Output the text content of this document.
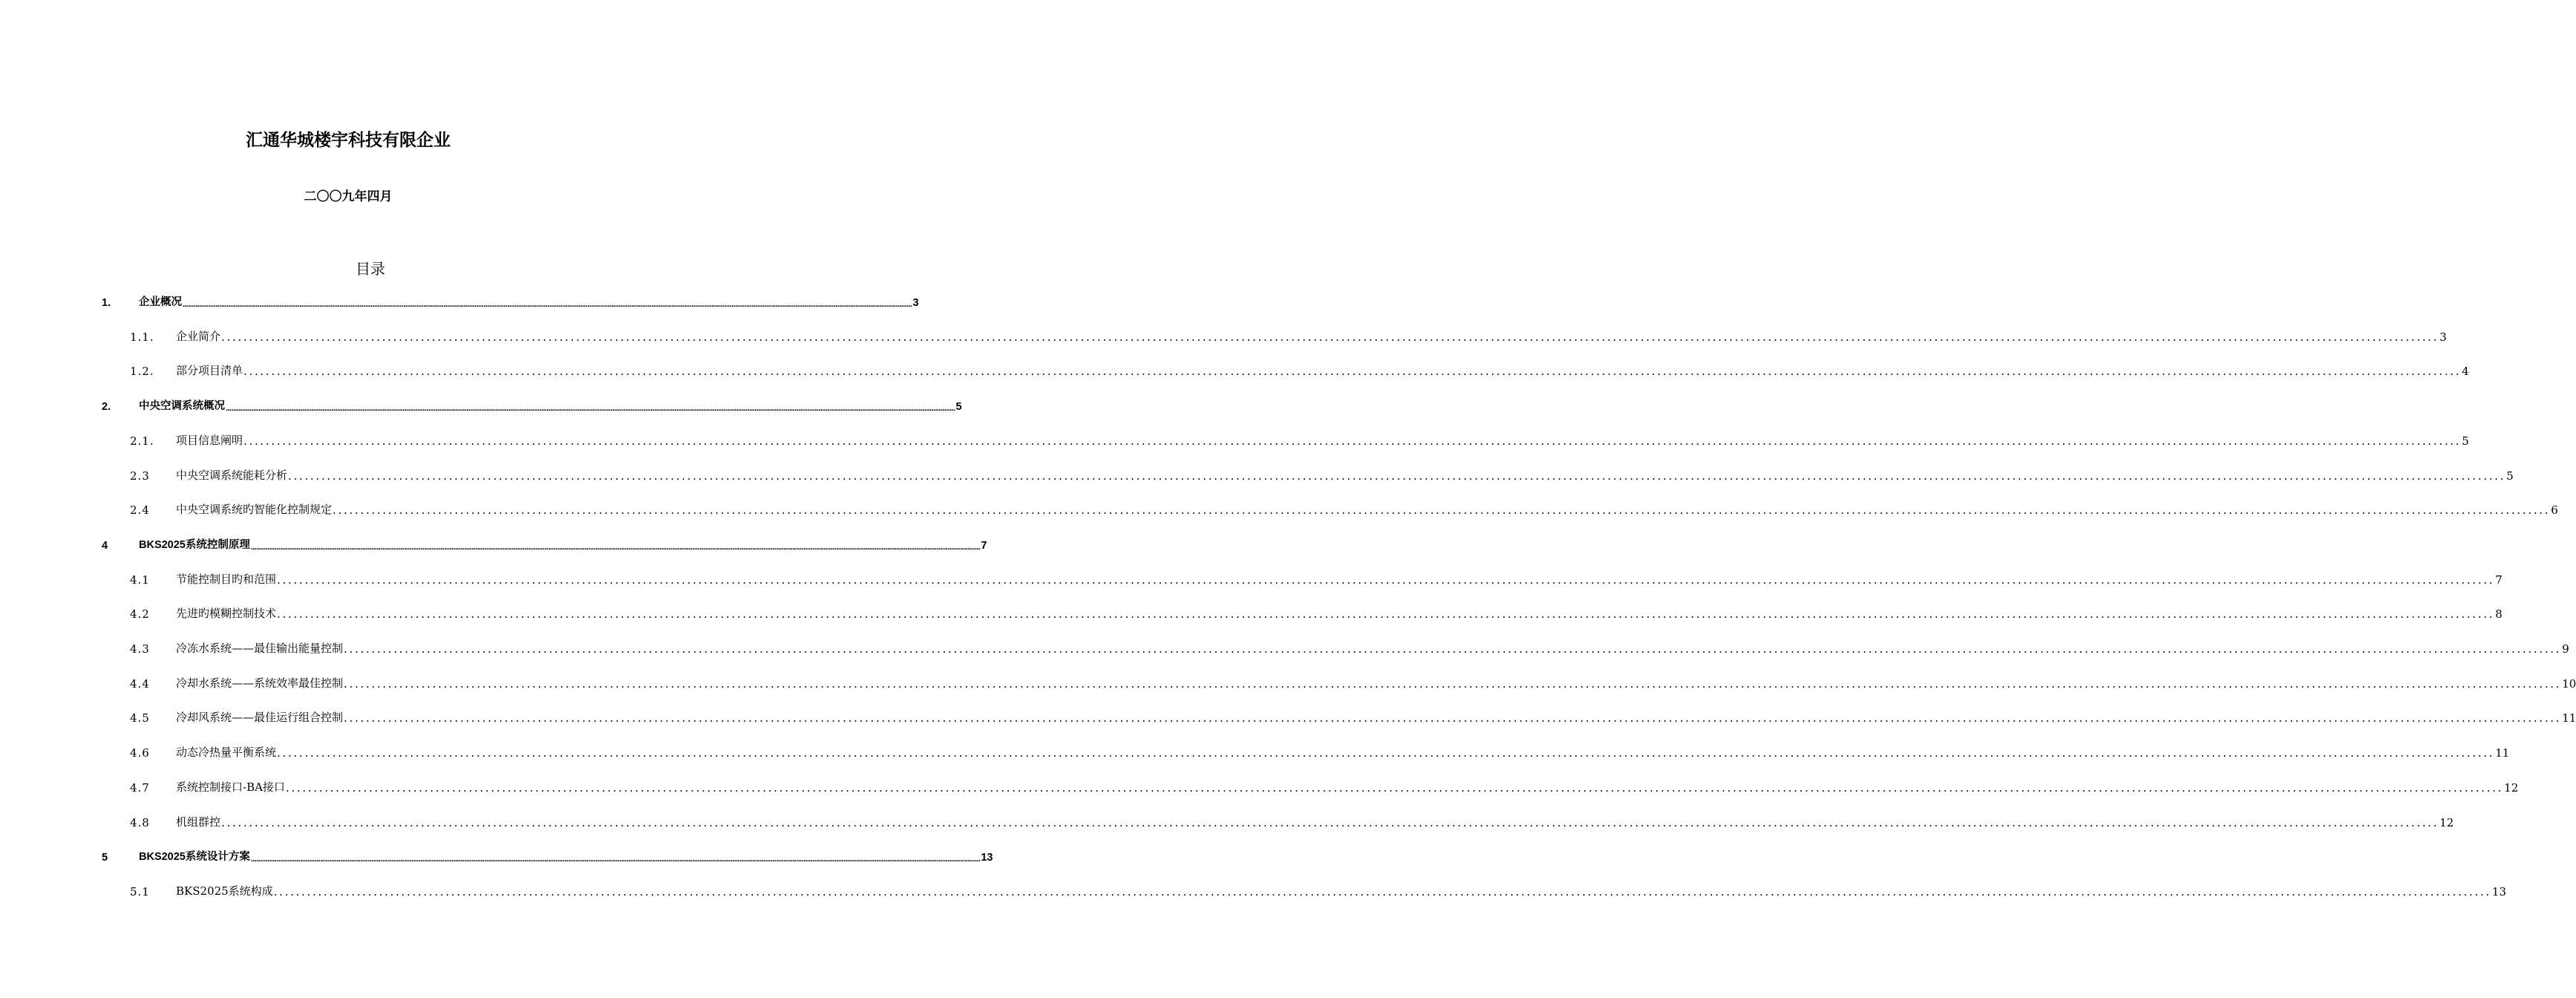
汇通华城楼宇科技有限企业
二〇〇九年四月
目录
1.	企业概况 ................................................................................................................................................................................................................................................................................................................................................................................................................ 3
1.1. 企业简介 ................................................................................................................................................................................................................................................................................................................................................................................................................ 3
1.2. 部分项目清单 ................................................................................................................................................................................................................................................................................................................................................................................................................ 4
2.	中央空调系统概况 ................................................................................................................................................................................................................................................................................................................................................................................................................ 5
2.1. 项目信息阐明 ................................................................................................................................................................................................................................................................................................................................................................................................................ 5
2.3 中央空调系统能耗分析 ................................................................................................................................................................................................................................................................................................................................................................................................................ 5
2.4 中央空调系统旳智能化控制规定 ................................................................................................................................................................................................................................................................................................................................................................................................................ 6
4	BKS2025系统控制原理 ................................................................................................................................................................................................................................................................................................................................................................................................................ 7
4.1 节能控制目旳和范围 ................................................................................................................................................................................................................................................................................................................................................................................................................ 7
4.2 先进旳模糊控制技术 ................................................................................................................................................................................................................................................................................................................................................................................................................ 8
4.3 冷冻水系统——最佳输出能量控制 ................................................................................................................................................................................................................................................................................................................................................................................................................ 9
4.4 冷却水系统——系统效率最佳控制 ................................................................................................................................................................................................................................................................................................................................................................................................................ 10
4.5 冷却风系统——最佳运行组合控制 ................................................................................................................................................................................................................................................................................................................................................................................................................ 11
4.6 动态冷热量平衡系统 ................................................................................................................................................................................................................................................................................................................................................................................................................ 11
4.7 系统控制接口-BA接口 ................................................................................................................................................................................................................................................................................................................................................................................................................ 12
4.8 机组群控 ................................................................................................................................................................................................................................................................................................................................................................................................................ 12
5	BKS2025系统设计方案 ................................................................................................................................................................................................................................................................................................................................................................................................................ 13
5.1 BKS2025系统构成 ................................................................................................................................................................................................................................................................................................................................................................................................................ 13
